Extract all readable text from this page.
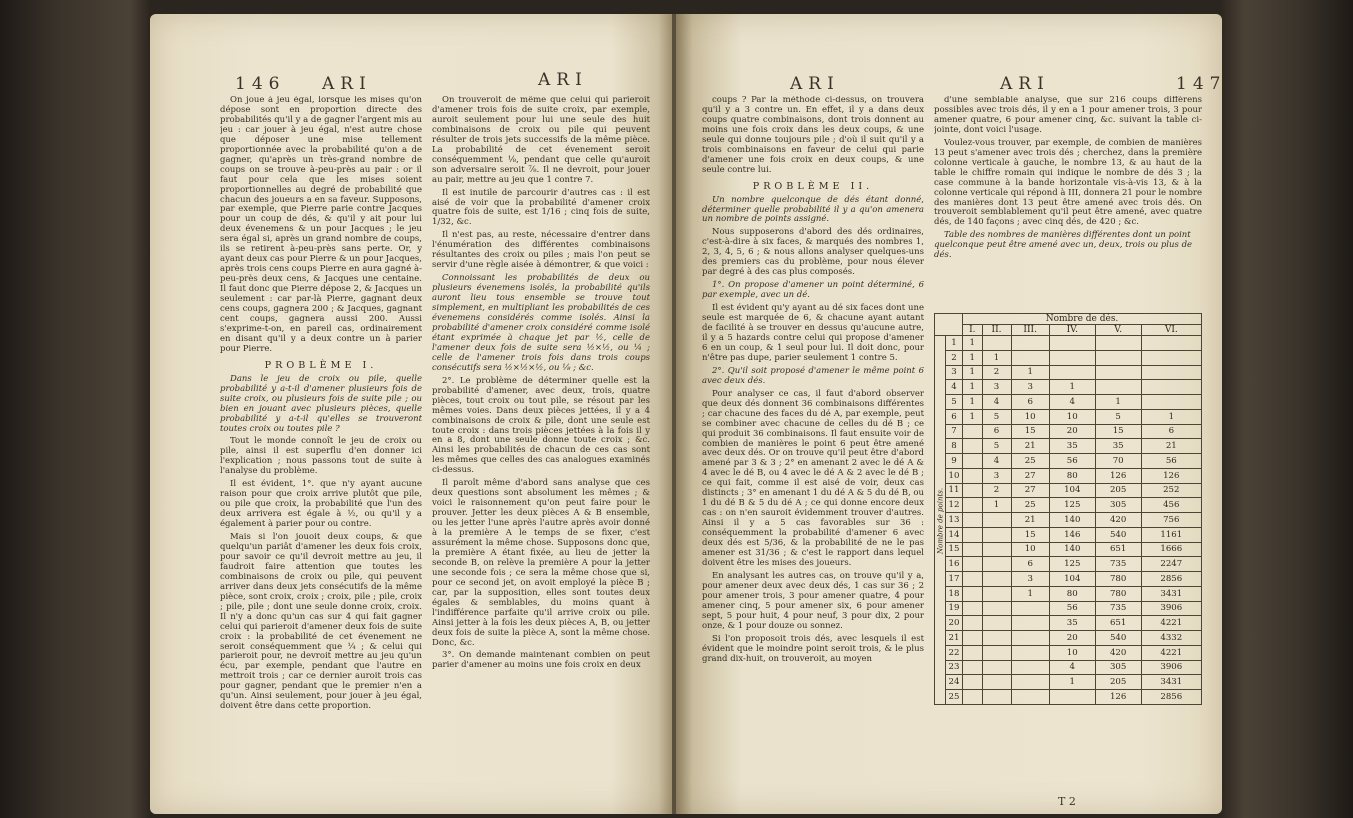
146 ARI	ARI	ARI	ARI	147

On joue à jeu égal, lorsque les mises qu'on dépose sont en proportion directe des probabilités qu'il y a de gagner l'argent mis au jeu : car jouer à jeu égal, n'est autre chose que déposer une mise tellement proportionnée avec la probabilité qu'on a de gagner, qu'après un très-grand nombre de coups on se trouve à-peu-près au pair : or il faut pour cela que les mises soient proportionnelles au degré de probabilité que chacun des joueurs a en sa faveur. Supposons, par exemple, que Pierre parie contre Jacques pour un coup de dés, & qu'il y ait pour lui deux évenemens & un pour Jacques ; le jeu sera égal si, après un grand nombre de coups, ils se retirent à-peu-près sans perte. Or, y ayant deux cas pour Pierre & un pour Jacques, après trois cens coups Pierre en aura gagné à-peu-près deux cens, & Jacques une centaine. Il faut donc que Pierre dépose 2, & Jacques un seulement : car par-là Pierre, gagnant deux cens coups, gagnera 200 ; & Jacques, gagnant cent coups, gagnera aussi 200. Aussi s'exprime-t-on, en pareil cas, ordinairement en disant qu'il y a deux contre un à parier pour Pierre.

PROBLÈME I.

Dans le jeu de croix ou pile, quelle probabilité y a-t-il d'amener plusieurs fois de suite croix, ou plusieurs fois de suite pile ; ou bien en jouant avec plusieurs pièces, quelle probabilité y a-t-il qu'elles se trouveront toutes croix ou toutes pile ?

Tout le monde connoît le jeu de croix ou pile, ainsi il est superflu d'en donner ici l'explication ; nous passons tout de suite à l'analyse du problème.

Il est évident, 1°. que n'y ayant aucune raison pour que croix arrive plutôt que pile, ou pile que croix, la probabilité que l'un des deux arrivera est égale à ½, ou qu'il y a également à parier pour ou contre.

Mais si l'on jouoit deux coups, & que quelqu'un pariât d'amener les deux fois croix, pour savoir ce qu'il devroit mettre au jeu, il faudroit faire attention que toutes les combinaisons de croix ou pile, qui peuvent arriver dans deux jets consécutifs de la même pièce, sont croix, croix ; croix, pile ; pile, croix ; pile, pile ; dont une seule donne croix, croix. Il n'y a donc qu'un cas sur 4 qui fait gagner celui qui parieroit d'amener deux fois de suite croix : la probabilité de cet évenement ne seroit conséquemment que ¼ ; & celui qui parieroit pour, ne devroit mettre au jeu qu'un écu, par exemple, pendant que l'autre en mettroit trois ; car ce dernier auroit trois cas pour gagner, pendant que le premier n'en a qu'un. Ainsi seulement, pour jouer à jeu égal, doivent être dans cette proportion.

On trouveroit de même que celui qui parieroit d'amener trois fois de suite croix, par exemple, auroit seulement pour lui une seule des huit combinaisons de croix ou pile qui peuvent résulter de trois jets successifs de la même pièce. La probabilité de cet évenement seroit conséquemment ⅛, pendant que celle qu'auroit son adversaire seroit ⅞. Il ne devroit, pour jouer au pair, mettre au jeu que 1 contre 7.

Il est inutile de parcourir d'autres cas : il est aisé de voir que la probabilité d'amener croix quatre fois de suite, est 1/16 ; cinq fois de suite, 1/32, &c.

Il n'est pas, au reste, nécessaire d'entrer dans l'énumération des différentes combinaisons résultantes des croix ou piles ; mais l'on peut se servir d'une règle aisée à démontrer, & que voici :

Connoissant les probabilités de deux ou plusieurs évenemens isolés, la probabilité qu'ils auront lieu tous ensemble se trouve tout simplement, en multipliant les probabilités de ces évenemens considérés comme isolés. Ainsi la probabilité d'amener croix considéré comme isolé étant exprimée à chaque jet par ½, celle de l'amener deux fois de suite sera ½×½, ou ¼ ; celle de l'amener trois fois dans trois coups consécutifs sera ½×½×½, ou ⅛ ; &c.

2°. Le problème de déterminer quelle est la probabilité d'amener, avec deux, trois, quatre pièces, tout croix ou tout pile, se résout par les mêmes voies. Dans deux pièces jettées, il y a 4 combinaisons de croix & pile, dont une seule est toute croix : dans trois pièces jettées à la fois il y en a 8, dont une seule donne toute croix ; &c. Ainsi les probabilités de chacun de ces cas sont les mêmes que celles des cas analogues examinés ci-dessus.

Il paroît même d'abord sans analyse que ces deux questions sont absolument les mêmes ; & voici le raisonnement qu'on peut faire pour le prouver. Jetter les deux pièces A & B ensemble, ou les jetter l'une après l'autre après avoir donné à la première A le temps de se fixer, c'est assurément la même chose. Supposons donc que, la première A étant fixée, au lieu de jetter la seconde B, on relève la première A pour la jetter une seconde fois ; ce sera la même chose que si, pour ce second jet, on avoit employé la pièce B ; car, par la supposition, elles sont toutes deux égales & semblables, du moins quant à l'indifférence parfaite qu'il arrive croix ou pile. Ainsi jetter à la fois les deux pièces A, B, ou jetter deux fois de suite la pièce A, sont la même chose. Donc, &c.

3°. On demande maintenant combien on peut parier d'amener au moins une fois croix en deux

coups ? Par la méthode ci-dessus, on trouvera qu'il y a 3 contre un. En effet, il y a dans deux coups quatre combinaisons, dont trois donnent au moins une fois croix dans les deux coups, & une seule qui donne toujours pile ; d'où il suit qu'il y a trois combinaisons en faveur de celui qui parie d'amener une fois croix en deux coups, & une seule contre lui.

PROBLÈME II.

Un nombre quelconque de dés étant donné, déterminer quelle probabilité il y a qu'on amenera un nombre de points assigné.

Nous supposerons d'abord des dés ordinaires, c'est-à-dire à six faces, & marqués des nombres 1, 2, 3, 4, 5, 6 ; & nous allons analyser quelques-uns des premiers cas du problème, pour nous élever par degré à des cas plus composés.

1°. On propose d'amener un point déterminé, 6 par exemple, avec un dé.

Il est évident qu'y ayant au dé six faces dont une seule est marquée de 6, & chacune ayant autant de facilité à se trouver en dessus qu'aucune autre, il y a 5 hazards contre celui qui propose d'amener 6 en un coup, & 1 seul pour lui. Il doit donc, pour n'être pas dupe, parier seulement 1 contre 5.

2°. Qu'il soit proposé d'amener le même point 6 avec deux dés.

Pour analyser ce cas, il faut d'abord observer que deux dés donnent 36 combinaisons différentes ; car chacune des faces du dé A, par exemple, peut se combiner avec chacune de celles du dé B ; ce qui produit 36 combinaisons. Il faut ensuite voir de combien de manières le point 6 peut être amené avec deux dés. Or on trouve qu'il peut être d'abord amené par 3 & 3 ; 2° en amenant 2 avec le dé A & 4 avec le dé B, ou 4 avec le dé A & 2 avec le dé B ; ce qui fait, comme il est aisé de voir, deux cas distincts ; 3° en amenant 1 du dé A & 5 du dé B, ou 1 du dé B & 5 du dé A ; ce qui donne encore deux cas : on n'en sauroit évidemment trouver d'autres. Ainsi il y a 5 cas favorables sur 36 : conséquemment la probabilité d'amener 6 avec deux dés est 5/36, & la probabilité de ne le pas amener est 31/36 ; & c'est le rapport dans lequel doivent être les mises des joueurs.

En analysant les autres cas, on trouve qu'il y a, pour amener deux avec deux dés, 1 cas sur 36 ; 2 pour amener trois, 3 pour amener quatre, 4 pour amener cinq, 5 pour amener six, 6 pour amener sept, 5 pour huit, 4 pour neuf, 3 pour dix, 2 pour onze, & 1 pour douze ou sonnez.

Si l'on proposoit trois dés, avec lesquels il est évident que le moindre point seroit trois, & le plus grand dix-huit, on trouveroit, au moyen

d'une semblable analyse, que sur 216 coups différens possibles avec trois dés, il y en a 1 pour amener trois, 3 pour amener quatre, 6 pour amener cinq, &c. suivant la table ci-jointe, dont voici l'usage.

Voulez-vous trouver, par exemple, de combien de manières 13 peut s'amener avec trois dés ; cherchez, dans la première colonne verticale à gauche, le nombre 13, & au haut de la table le chiffre romain qui indique le nombre de dés 3 ; la case commune à la bande horizontale vis-à-vis 13, & à la colonne verticale qui répond à III, donnera 21 pour le nombre des manières dont 13 peut être amené avec trois dés. On trouveroit semblablement qu'il peut être amené, avec quatre dés, de 140 façons ; avec cinq dés, de 420 ; &c.

Table des nombres de manières différentes dont un point quelconque peut être amené avec un, deux, trois ou plus de dés.

		Nombre de dés.					
		I.	II.	III.	IV.	V.	VI.
Nombre de points.	1	1					
	2	1	1				
	3	1	2	1			
	4	1	3	3	1		
	5	1	4	6	4	1	
	6	1	5	10	10	5	1
	7		6	15	20	15	6
	8		5	21	35	35	21
	9		4	25	56	70	56
	10		3	27	80	126	126
	11		2	27	104	205	252
	12		1	25	125	305	456
	13			21	140	420	756
	14			15	146	540	1161
	15			10	140	651	1666
	16			6	125	735	2247
	17			3	104	780	2856
	18			1	80	780	3431
	19				56	735	3906
	20				35	651	4221
	21				20	540	4332
	22				10	420	4221
	23				4	305	3906
	24				1	205	3431
	25					126	2856
T 2
